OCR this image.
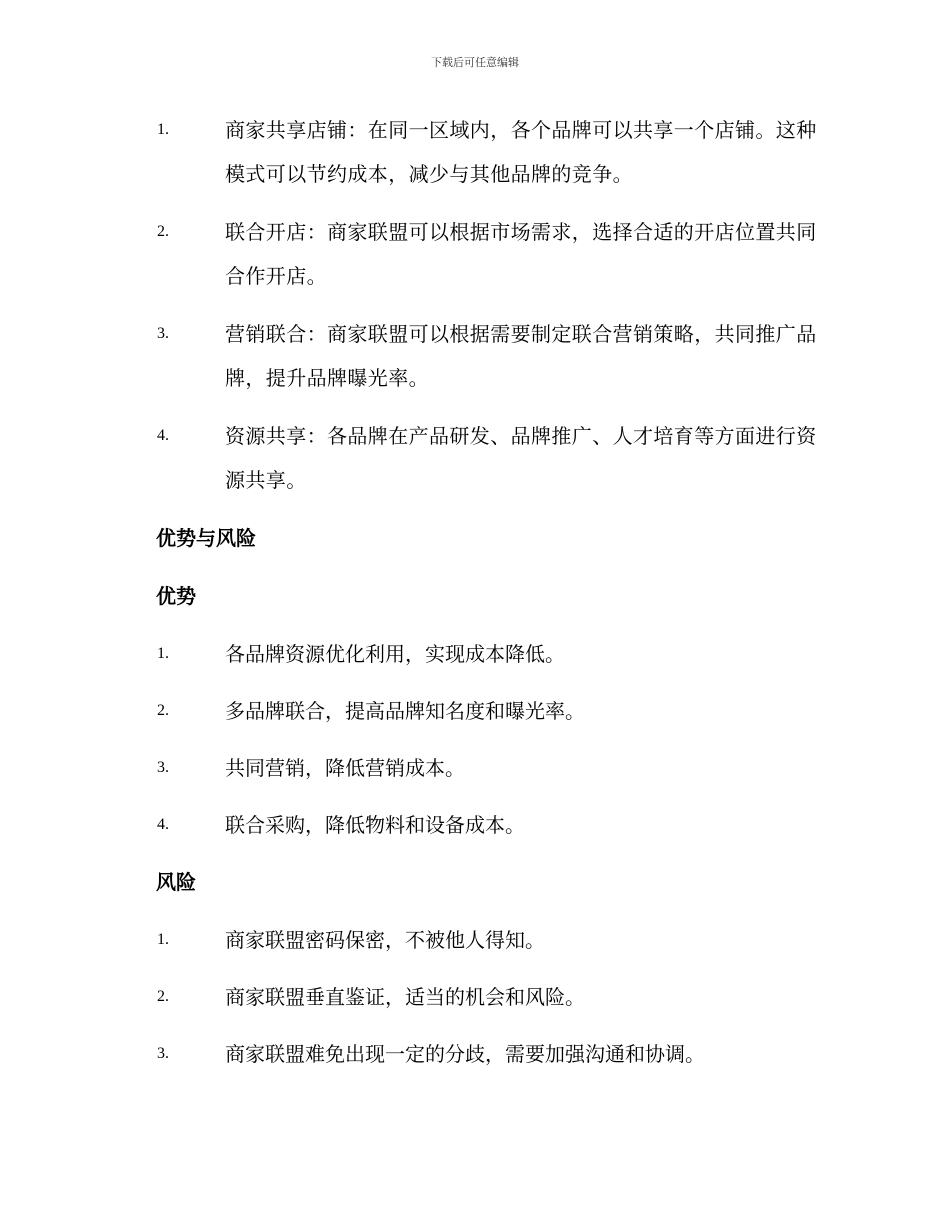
下载后可任意编辑
1.	商家共享店铺：在同一区域内，各个品牌可以共享一个店铺。这种模式可以节约成本，减少与其他品牌的竞争。
2.	联合开店：商家联盟可以根据市场需求，选择合适的开店位置共同合作开店。
3.	营销联合：商家联盟可以根据需要制定联合营销策略，共同推广品牌，提升品牌曝光率。
4.	资源共享：各品牌在产品研发、品牌推广、人才培育等方面进行资源共享。
优势与风险
优势
1.	各品牌资源优化利用，实现成本降低。
2.	多品牌联合，提高品牌知名度和曝光率。
3.	共同营销，降低营销成本。
4.	联合采购，降低物料和设备成本。
风险
1.	商家联盟密码保密，不被他人得知。
2.	商家联盟垂直鉴证，适当的机会和风险。
3.	商家联盟难免出现一定的分歧，需要加强沟通和协调。
